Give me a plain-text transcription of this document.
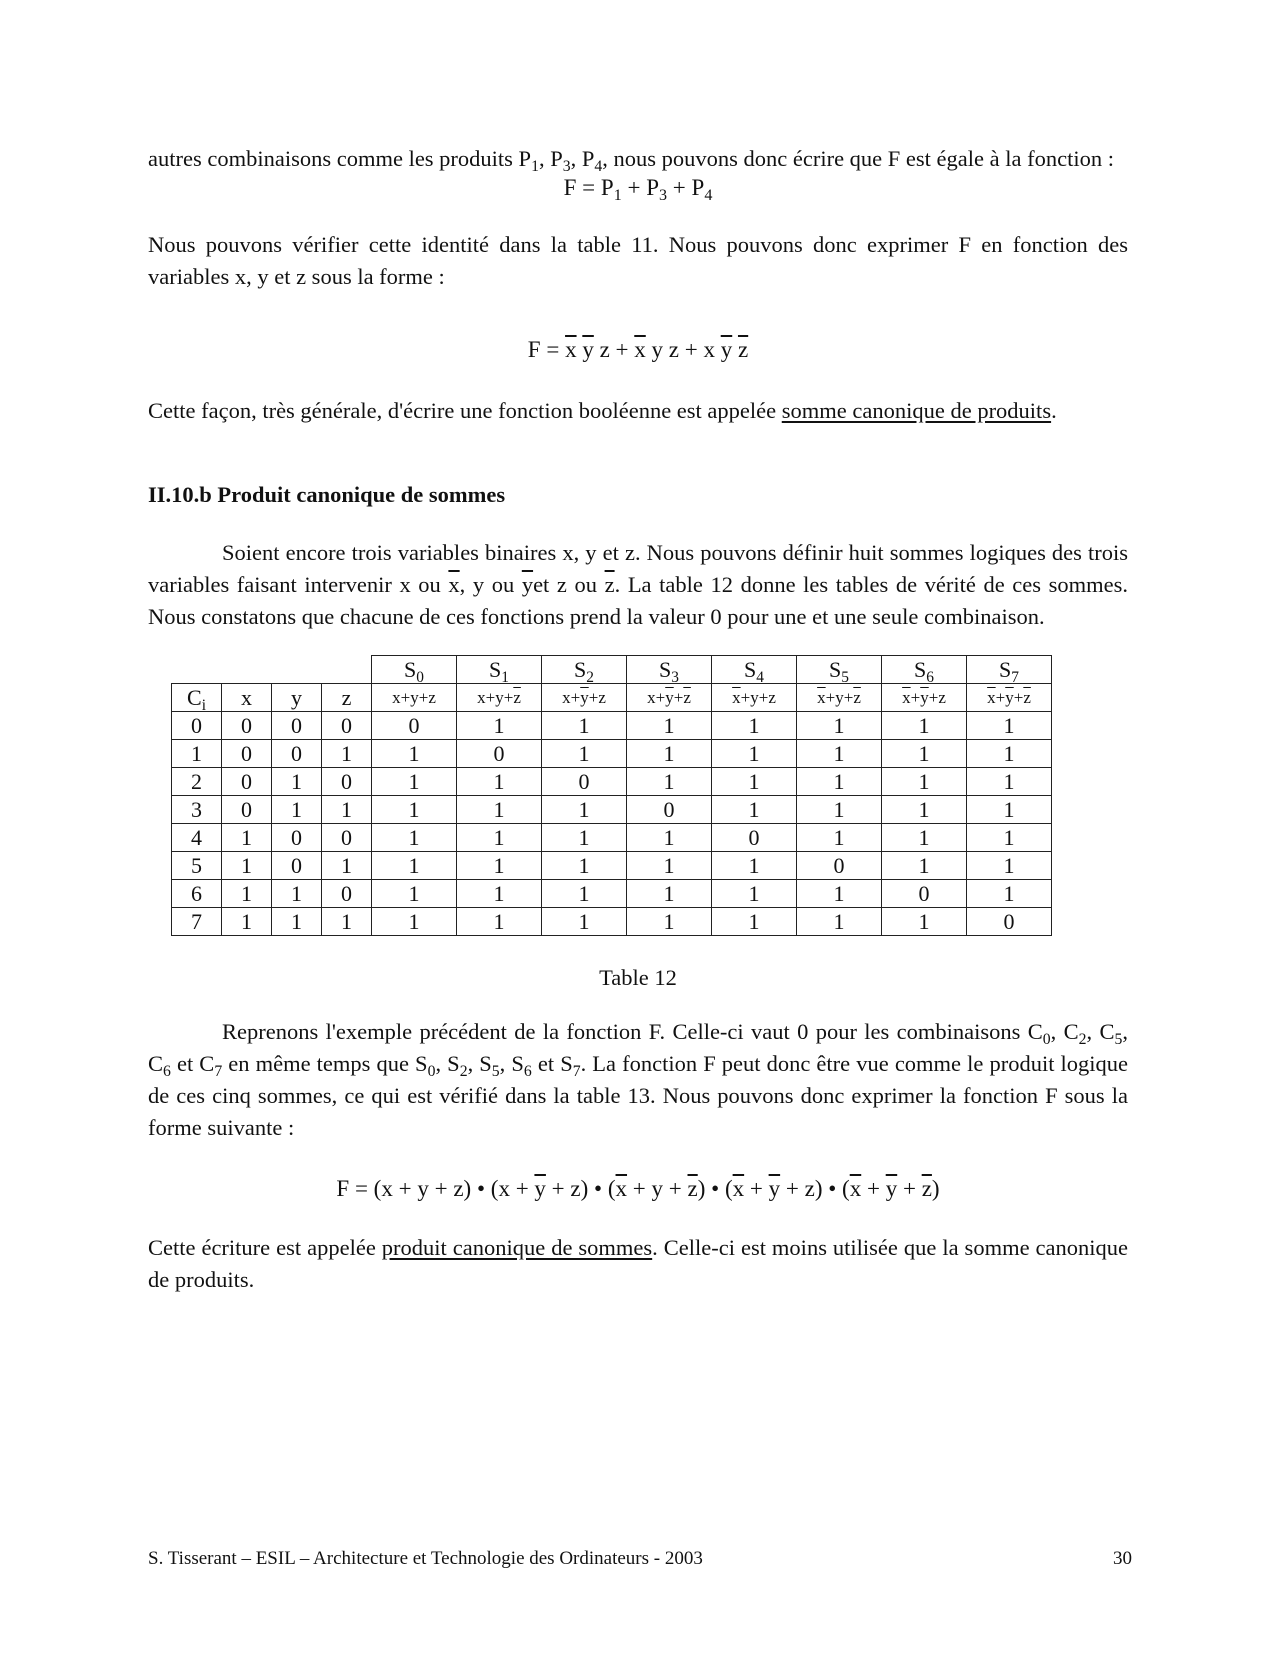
autres combinaisons comme les produits $P_1$, $P_3$, $P_4$, nous pouvons donc écrire que F est égale à la fonction :

$F = P_1 + P_3 + P_4$

Nous pouvons vérifier cette identité dans la table 11. Nous pouvons donc exprimer F en fonction des variables x, y et z sous la forme :

$F = \overline{x}$ $\overline{y}$ $z + \overline{x}$ y z + x $\overline{y}$ $\overline{z}$

Cette façon, très générale, d'écrire une fonction booléenne est appelée somme canonique de produits.

II.10.b Produit canonique de sommes

Soient encore trois variables binaires x, y et z. Nous pouvons définir huit sommes logiques des trois variables faisant intervenir x ou $\overline{x}$, y ou $\overline{y}et$ z ou $\overline{z}$. La table 12 donne les tables de vérité de ces sommes. Nous constatons que chacune de ces fonctions prend la valeur 0 pour une et une seule combinaison.

				$S_0$	$S_1$	$S_2$	$S_3$	$S_4$	$S_5$	$S_6$	$S_7$
$C_i$	x	y	z	x+y+z	$x+y+\overline{z}$	$x+\overline{y}+z$	$x+\overline{y}+\overline{z}$	$\overline{x}+y+z$	$\overline{x}+y+\overline{z}$	$\overline{x}+\overline{y}+z$	$\overline{x}+\overline{y}+\overline{z}$
0	0	0	0	0	1	1	1	1	1	1	1
1	0	0	1	1	0	1	1	1	1	1	1
2	0	1	0	1	1	0	1	1	1	1	1
3	0	1	1	1	1	1	0	1	1	1	1
4	1	0	0	1	1	1	1	0	1	1	1
5	1	0	1	1	1	1	1	1	0	1	1
6	1	1	0	1	1	1	1	1	1	0	1
7	1	1	1	1	1	1	1	1	1	1	0
Table 12

Reprenons l'exemple précédent de la fonction F. Celle-ci vaut 0 pour les combinaisons $C_0$, $C_2$, $C_5$, $C_6$ et $C_7$ en même temps que $S_0$, $S_2$, $S_5$, $S_6$ et $S_7$. La fonction F peut donc être vue comme le produit logique de ces cinq sommes, ce qui est vérifié dans la table 13. Nous pouvons donc exprimer la fonction F sous la forme suivante :

F = (x + y + z) • $(x + \overline{y} + z)$ • $(\overline{x} + y + \overline{z})$ • $(\overline{x} + \overline{y} + z)$ • $(\overline{x} + \overline{y} + \overline{z})$

Cette écriture est appelée produit canonique de sommes. Celle-ci est moins utilisée que la somme canonique de produits.

S. Tisserant – ESIL – Architecture et Technologie des Ordinateurs - 2003	30
